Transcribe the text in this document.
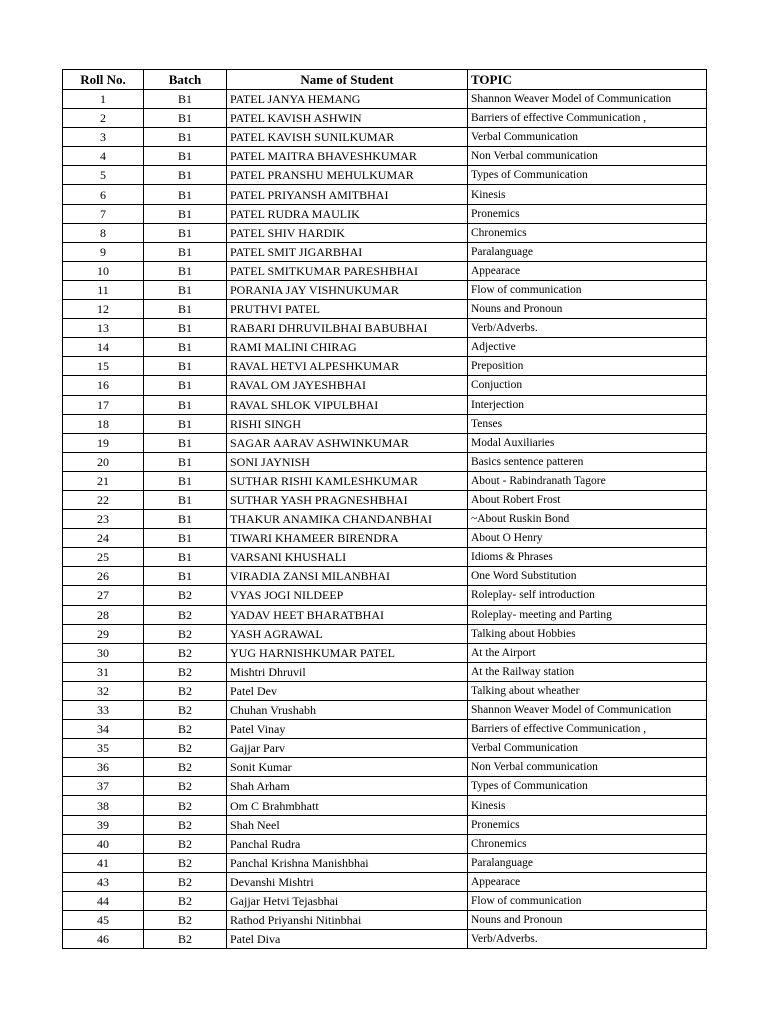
Roll No.	Batch	Name of Student	TOPIC
1	B1	PATEL JANYA HEMANG	Shannon Weaver Model of Communication
2	B1	PATEL KAVISH ASHWIN	Barriers of effective Communication ,
3	B1	PATEL KAVISH SUNILKUMAR	Verbal Communication
4	B1	PATEL MAITRA BHAVESHKUMAR	Non Verbal communication
5	B1	PATEL PRANSHU MEHULKUMAR	Types of Communication
6	B1	PATEL PRIYANSH AMITBHAI	Kinesis
7	B1	PATEL RUDRA MAULIK	Pronemics
8	B1	PATEL SHIV HARDIK	Chronemics
9	B1	PATEL SMIT JIGARBHAI	Paralanguage
10	B1	PATEL SMITKUMAR PARESHBHAI	Appearace
11	B1	PORANIA JAY VISHNUKUMAR	Flow of communication
12	B1	PRUTHVI PATEL	Nouns and Pronoun
13	B1	RABARI DHRUVILBHAI BABUBHAI	Verb/Adverbs.
14	B1	RAMI MALINI CHIRAG	Adjective
15	B1	RAVAL HETVI ALPESHKUMAR	Preposition
16	B1	RAVAL OM JAYESHBHAI	Conjuction
17	B1	RAVAL SHLOK VIPULBHAI	Interjection
18	B1	RISHI SINGH	Tenses
19	B1	SAGAR AARAV ASHWINKUMAR	Modal Auxiliaries
20	B1	SONI JAYNISH	Basics sentence patteren
21	B1	SUTHAR RISHI KAMLESHKUMAR	About - Rabindranath Tagore
22	B1	SUTHAR YASH PRAGNESHBHAI	About Robert Frost
23	B1	THAKUR ANAMIKA CHANDANBHAI	~About Ruskin Bond
24	B1	TIWARI KHAMEER BIRENDRA	About O Henry
25	B1	VARSANI KHUSHALI	Idioms & Phrases
26	B1	VIRADIA ZANSI MILANBHAI	One Word Substitution
27	B2	VYAS JOGI NILDEEP	Roleplay- self introduction
28	B2	YADAV HEET BHARATBHAI	Roleplay- meeting and Parting
29	B2	YASH AGRAWAL	Talking about Hobbies
30	B2	YUG HARNISHKUMAR PATEL	At the Airport
31	B2	Mishtri Dhruvil	At the Railway station
32	B2	Patel Dev	Talking about wheather
33	B2	Chuhan Vrushabh	Shannon Weaver Model of Communication
34	B2	Patel Vinay	Barriers of effective Communication ,
35	B2	Gajjar Parv	Verbal Communication
36	B2	Sonit Kumar	Non Verbal communication
37	B2	Shah Arham	Types of Communication
38	B2	Om C Brahmbhatt	Kinesis
39	B2	Shah Neel	Pronemics
40	B2	Panchal Rudra	Chronemics
41	B2	Panchal Krishna Manishbhai	Paralanguage
43	B2	Devanshi Mishtri	Appearace
44	B2	Gajjar Hetvi Tejasbhai	Flow of communication
45	B2	Rathod Priyanshi Nitinbhai	Nouns and Pronoun
46	B2	Patel Diva	Verb/Adverbs.
